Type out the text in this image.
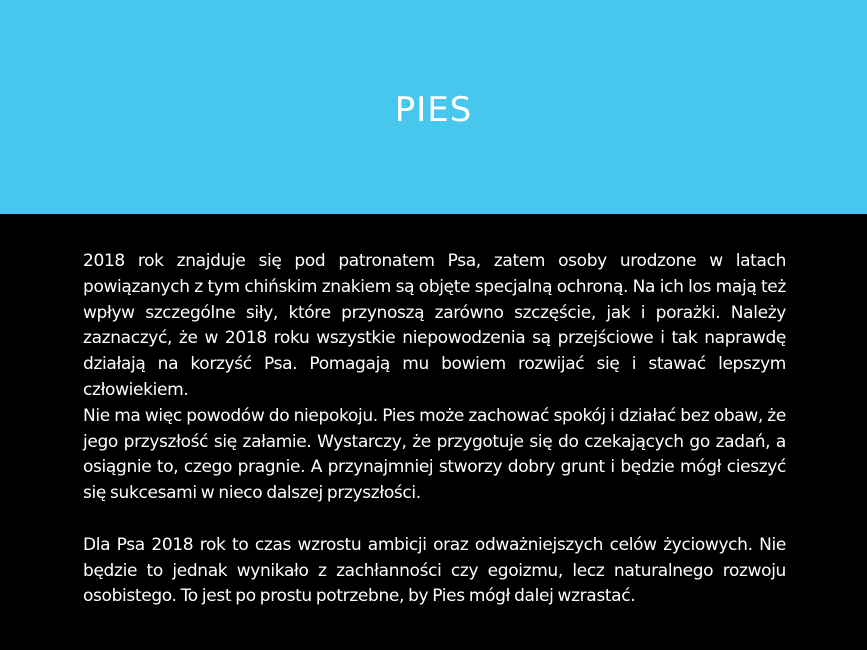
PIES

2018 rok znajduje się pod patronatem Psa, zatem osoby urodzone w latach powiązanych z tym chińskim znakiem są objęte specjalną ochroną. Na ich los mają też wpływ szczególne siły, które przynoszą zarówno szczęście, jak i porażki. Należy zaznaczyć, że w 2018 roku wszystkie niepowodzenia są przejściowe i tak naprawdę działają na korzyść Psa. Pomagają mu bowiem rozwijać się i stawać lepszym człowiekiem.

Nie ma więc powodów do niepokoju. Pies może zachować spokój i działać bez obaw, że jego przyszłość się załamie. Wystarczy, że przygotuje się do czekających go zadań, a osiągnie to, czego pragnie. A przynajmniej stworzy dobry grunt i będzie mógł cieszyć się sukcesami w nieco dalszej przyszłości.

Dla Psa 2018 rok to czas wzrostu ambicji oraz odważniejszych celów życiowych. Nie będzie to jednak wynikało z zachłanności czy egoizmu, lecz naturalnego rozwoju osobistego. To jest po prostu potrzebne, by Pies mógł dalej wzrastać.
